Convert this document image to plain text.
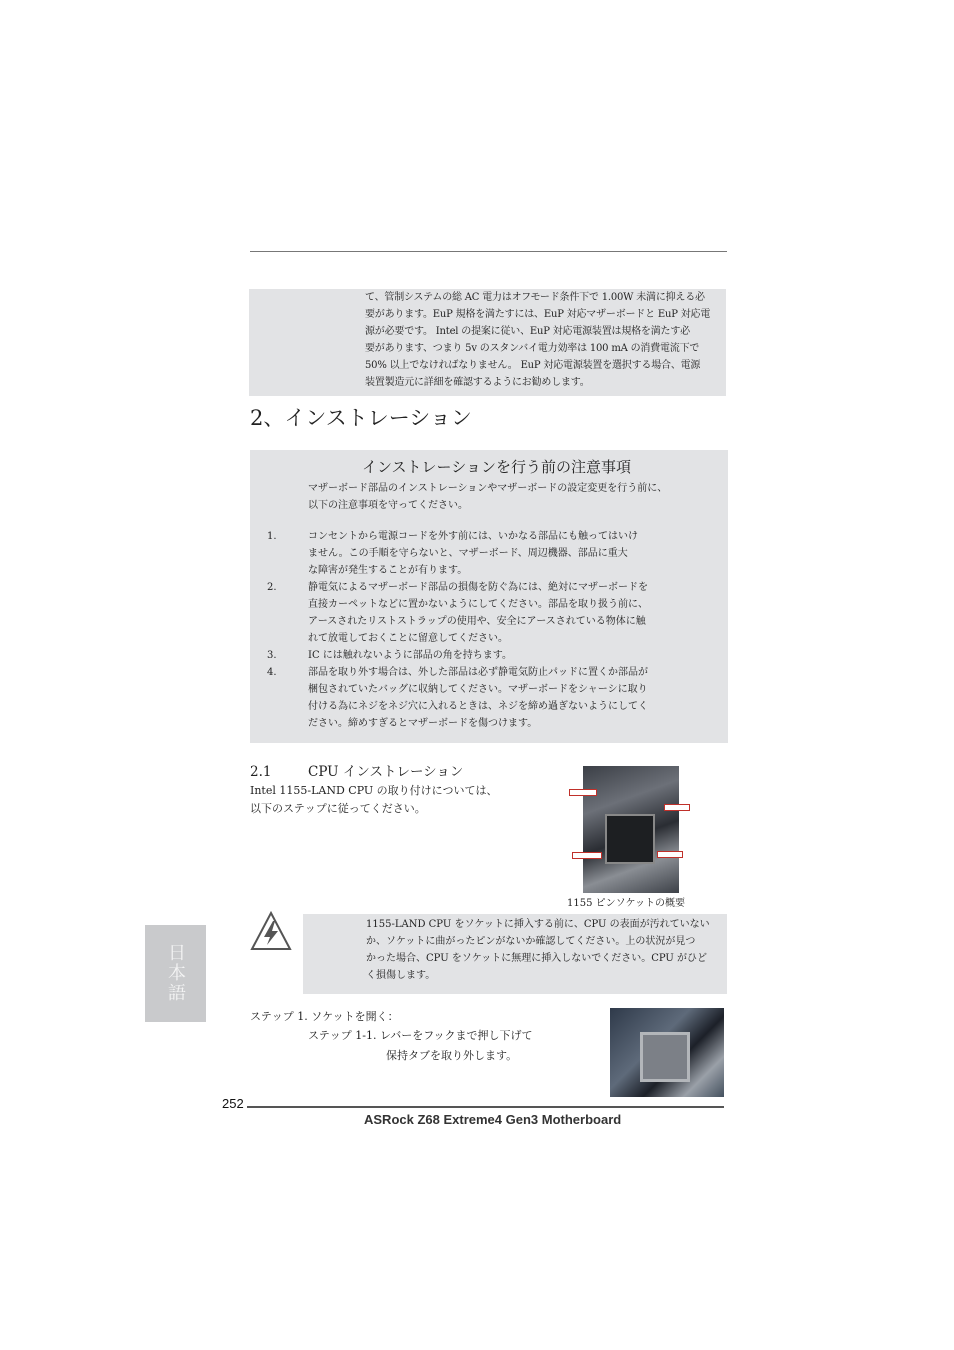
て、管制システムの総 AC 電力はオフモード条件下で 1.00W 未満に抑える必
要があります。EuP 規格を満たすには、EuP 対応マザーボードと EuP 対応電
源が必要です。 Intel の提案に従い、EuP 対応電源装置は規格を満たす必
要があります、つまり 5v のスタンバイ電力効率は 100 mA の消費電流下で
50% 以上でなければなりません。 EuP 対応電源装置を選択する場合、電源
装置製造元に詳細を確認するようにお勧めします。
2、インストレーション
インストレーションを行う前の注意事項
マザーボード部品のインストレーションやマザーボードの設定変更を行う前に、
以下の注意事項を守ってください。
1.	コンセントから電源コードを外す前には、いかなる部品にも触ってはいけ
ません。この手順を守らないと、マザーボード、周辺機器、部品に重大
な障害が発生することが有ります。
2.	静電気によるマザーボード部品の損傷を防ぐ為には、絶対にマザーボードを
直接カーペットなどに置かないようにしてください。部品を取り扱う前に、
アースされたリストストラップの使用や、安全にアースされている物体に触
れて放電しておくことに留意してください。
3.	IC には触れないように部品の角を持ちます。
4.	部品を取り外す場合は、外した部品は必ず静電気防止パッドに置くか部品が
梱包されていたバッグに収納してください。マザーボードをシャーシに取り
付ける為にネジをネジ穴に入れるときは、ネジを締め過ぎないようにしてく
ださい。締めすぎるとマザーボードを傷つけます。
2.1	CPU インストレーション
Intel 1155-LAND CPU の取り付けについては、
以下のステップに従ってください。
1155 ピンソケットの概要
1155-LAND CPU をソケットに挿入する前に、CPU の表面が汚れていない
か、ソケットに曲がったピンがないか確認してください。上の状況が見つ
かった場合、CPU をソケットに無理に挿入しないでください。CPU がひど
く損傷します。
日本語
ステップ 1. ソケットを開く：
ステップ 1-1. レバーをフックまで押し下げて
保持タブを取り外します。
252
ASRock Z68 Extreme4 Gen3 Motherboard
